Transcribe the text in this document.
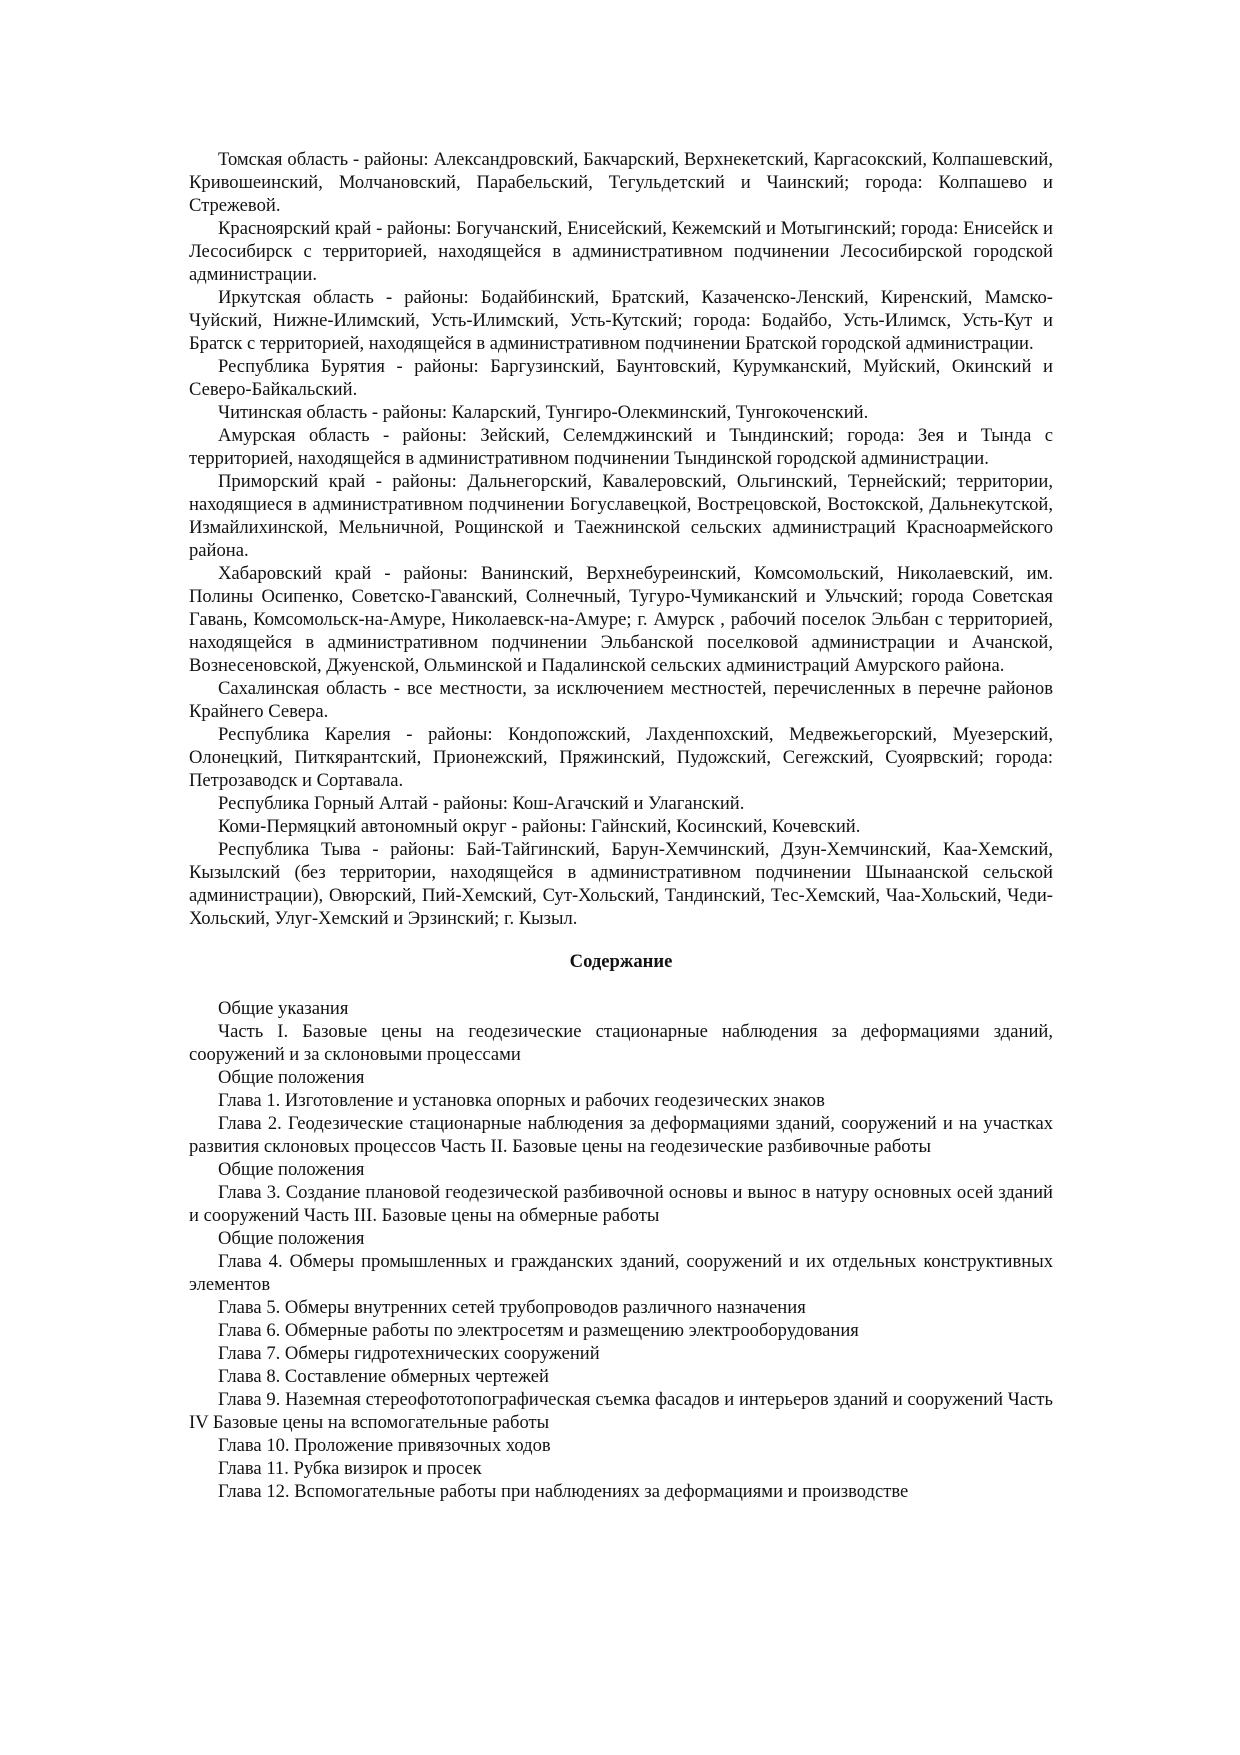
Томская область - районы: Александровский, Бакчарский, Верхнекетский, Каргасокский, Колпашевский, Кривошеинский, Молчановский, Парабельский, Тегульдетский и Чаинский; города: Колпашево и Стрежевой.

Красноярский край - районы: Богучанский, Енисейский, Кежемский и Мотыгинский; города: Енисейск и Лесосибирск с территорией, находящейся в административном подчинении Лесосибирской городской администрации.

Иркутская область - районы: Бодайбинский, Братский, Казаченско-Ленский, Киренский, Мамско-Чуйский, Нижне-Илимский, Усть-Илимский, Усть-Кутский; города: Бодайбо, Усть-Илимск, Усть-Кут и Братск с территорией, находящейся в административном подчинении Братской городской администрации.

Республика Бурятия - районы: Баргузинский, Баунтовский, Курумканский, Муйский, Окинский и Северо-Байкальский.

Читинская область - районы: Каларский, Тунгиро-Олекминский, Тунгокоченский.

Амурская область - районы: Зейский, Селемджинский и Тындинский; города: Зея и Тында с территорией, находящейся в административном подчинении Тындинской городской администрации.

Приморский край - районы: Дальнегорский, Кавалеровский, Ольгинский, Тернейский; территории, находящиеся в административном подчинении Богуславецкой, Вострецовской, Востокской, Дальнекутской, Измайлихинской, Мельничной, Рощинской и Таежнинской сельских администраций Красноармейского района.

Хабаровский край - районы: Ванинский, Верхнебуреинский, Комсомольский, Николаевский, им. Полины Осипенко, Советско-Гаванский, Солнечный, Тугуро-Чумиканский и Ульчский; города Советская Гавань, Комсомольск-на-Амуре, Николаевск-на-Амуре; г. Амурск , рабочий поселок Эльбан с территорией, находящейся в административном подчинении Эльбанской поселковой администрации и Ачанской, Вознесеновской, Джуенской, Ольминской и Падалинской сельских администраций Амурского района.

Сахалинская область - все местности, за исключением местностей, перечисленных в перечне районов Крайнего Севера.

Республика Карелия - районы: Кондопожский, Лахденпохский, Медвежьегорский, Муезерский, Олонецкий, Питкярантский, Прионежский, Пряжинский, Пудожский, Сегежский, Суоярвский; города: Петрозаводск и Сортавала.

Республика Горный Алтай - районы: Кош-Агачский и Улаганский.

Коми-Пермяцкий автономный округ - районы: Гайнский, Косинский, Кочевский.

Республика Тыва - районы: Бай-Тайгинский, Барун-Хемчинский, Дзун-Хемчинский, Каа-Хемский, Кызылский (без территории, находящейся в административном подчинении Шынаанской сельской администрации), Овюрский, Пий-Хемский, Сут-Хольский, Тандинский, Тес-Хемский, Чаа-Хольский, Чеди-Хольский, Улуг-Хемский и Эрзинский; г. Кызыл.

Содержание

Общие указания

Часть I. Базовые цены на геодезические стационарные наблюдения за деформациями зданий, сооружений и за склоновыми процессами

Общие положения

Глава 1. Изготовление и установка опорных и рабочих геодезических знаков

Глава 2. Геодезические стационарные наблюдения за деформациями зданий, сооружений и на участках развития склоновых процессов Часть II. Базовые цены на геодезические разбивочные работы

Общие положения

Глава 3. Создание плановой геодезической разбивочной основы и вынос в натуру основных осей зданий и сооружений Часть III. Базовые цены на обмерные работы

Общие положения

Глава 4. Обмеры промышленных и гражданских зданий, сооружений и их отдельных конструктивных элементов

Глава 5. Обмеры внутренних сетей трубопроводов различного назначения

Глава 6. Обмерные работы по электросетям и размещению электрооборудования

Глава 7. Обмеры гидротехнических сооружений

Глава 8. Составление обмерных чертежей

Глава 9. Наземная стереофототопографическая съемка фасадов и интерьеров зданий и сооружений Часть IV Базовые цены на вспомогательные работы

Глава 10. Проложение привязочных ходов

Глава 11. Рубка визирок и просек

Глава 12. Вспомогательные работы при наблюдениях за деформациями и производстве
